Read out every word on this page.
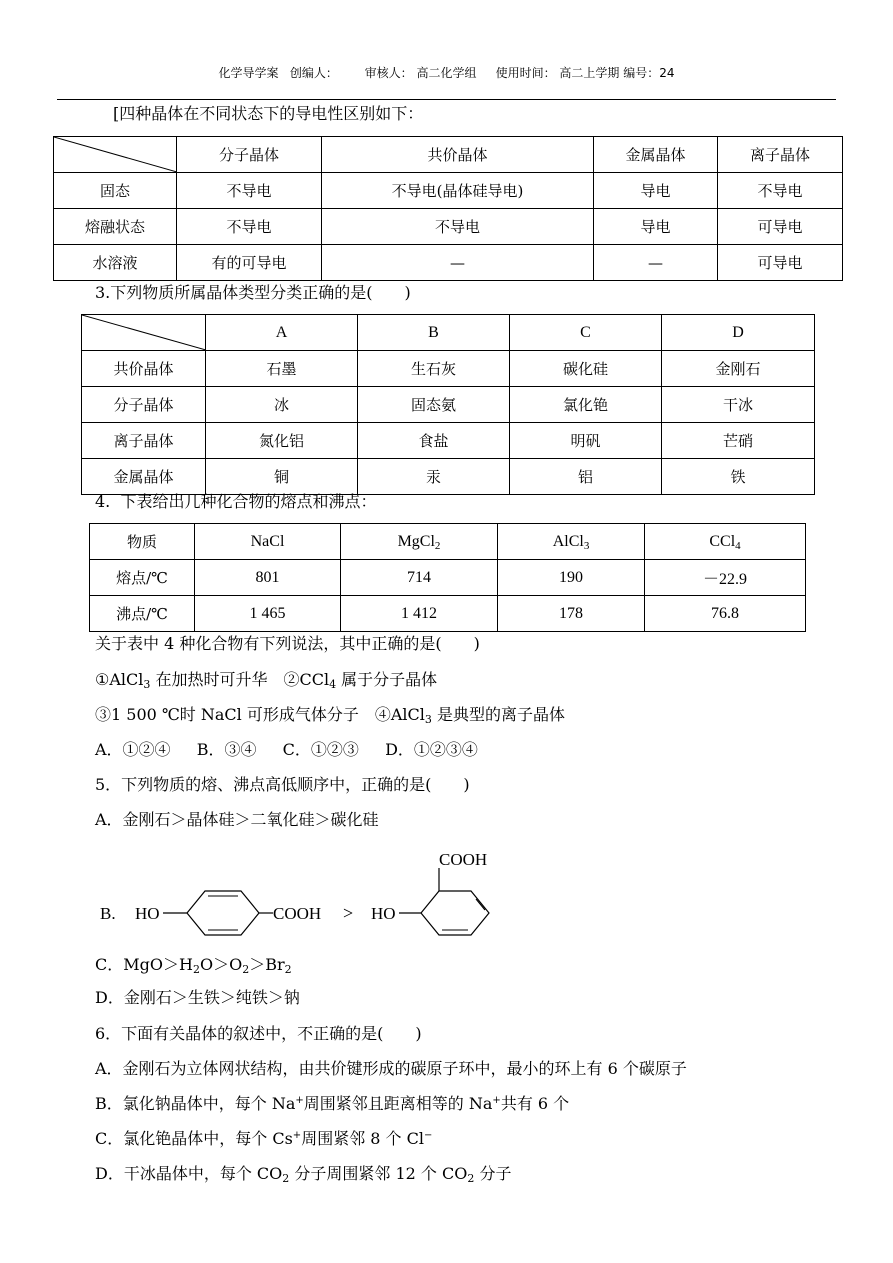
化学导学案 创编人： 审核人： 高二化学组 使用时间： 高二上学期 编号：24
[四种晶体在不同状态下的导电性区别如下：
	分子晶体	共价晶体	金属晶体	离子晶体
固态	不导电	不导电(晶体硅导电)	导电	不导电
熔融状态	不导电	不导电	导电	可导电
水溶液	有的可导电	—	—	可导电
3.下列物质所属晶体类型分类正确的是(　　)
	A	B	C	D
共价晶体	石墨	生石灰	碳化硅	金刚石
分子晶体	冰	固态氨	氯化铯	干冰
离子晶体	氮化铝	食盐	明矾	芒硝
金属晶体	铜	汞	铝	铁
4.  下表给出几种化合物的熔点和沸点：
物质	NaCl	MgCl$_2$	AlCl$_3$	CCl$_4$
熔点/℃	801	714	190	－22.9
沸点/℃	1 465	1 412	178	76.8
关于表中 4 种化合物有下列说法，其中正确的是(　　)
①AlCl$_3$ 在加热时可升华　②CCl$_4$ 属于分子晶体
③1 500 ℃时 NaCl 可形成气体分子　④AlCl$_3$ 是典型的离子晶体
A．①②④　  B．③④　  C．①②③　  D．①②③④
5．下列物质的熔、沸点高低顺序中，正确的是(　　)
A．金刚石＞晶体硅＞二氧化硅＞碳化硅
B. HO	COOH > HO
COOH
C．$MgO>H_2O>O_2>Br_2$
D．金刚石＞生铁＞纯铁＞钠
6．下面有关晶体的叙述中，不正确的是(　　)
A．金刚石为立体网状结构，由共价键形成的碳原子环中，最小的环上有 6 个碳原子
B．氯化钠晶体中，每个 Na+周围紧邻且距离相等的 Na+共有 6 个
C．氯化铯晶体中，每个 Cs+周围紧邻 8 个 Cl−
D．干冰晶体中，每个 $CO_2$ 分子周围紧邻 12 个 $CO_2$ 分子
